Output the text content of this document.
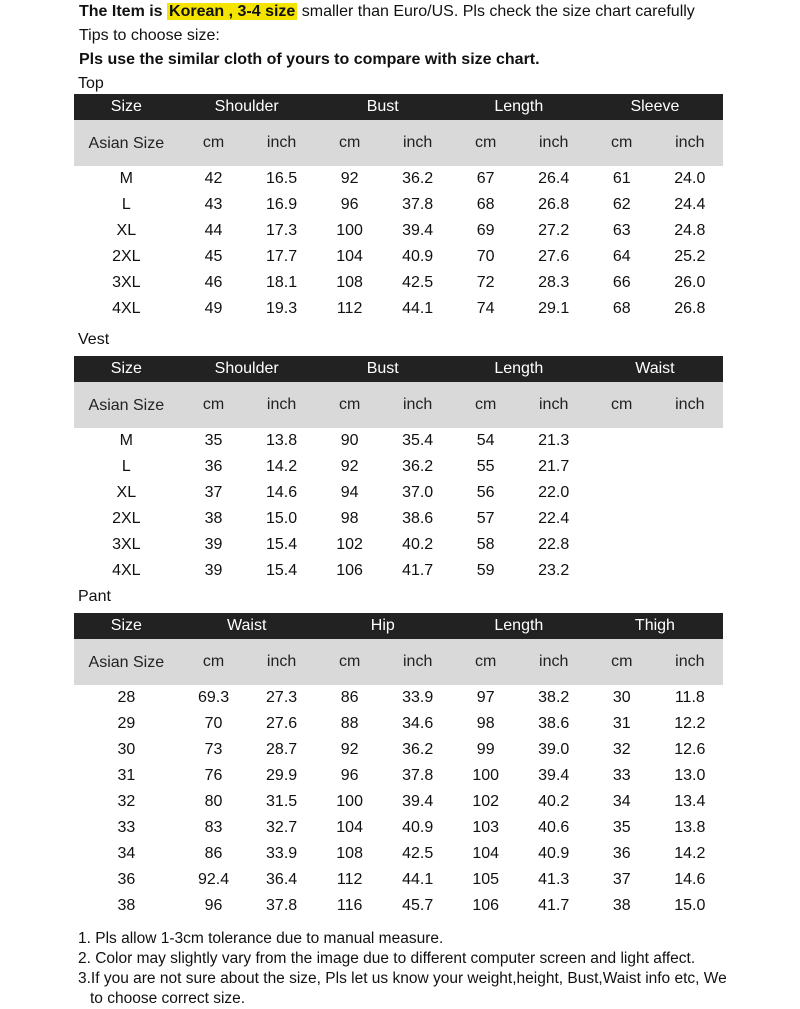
The Item is Korean , 3-4 size smaller than Euro/US. Pls check the size chart carefully
Tips to choose size:
Pls use the similar cloth of yours to compare with size chart.
Top
Vest
Pant
Size	Shoulder		Bust		Length		Sleeve	
Asian Size	cm	inch	cm	inch	cm	inch	cm	inch
M	42	16.5	92	36.2	67	26.4	61	24.0
L	43	16.9	96	37.8	68	26.8	62	24.4
XL	44	17.3	100	39.4	69	27.2	63	24.8
2XL	45	17.7	104	40.9	70	27.6	64	25.2
3XL	46	18.1	108	42.5	72	28.3	66	26.0
4XL	49	19.3	112	44.1	74	29.1	68	26.8
Size	Shoulder		Bust		Length		Waist	
Asian Size	cm	inch	cm	inch	cm	inch	cm	inch
M	35	13.8	90	35.4	54	21.3		
L	36	14.2	92	36.2	55	21.7		
XL	37	14.6	94	37.0	56	22.0		
2XL	38	15.0	98	38.6	57	22.4		
3XL	39	15.4	102	40.2	58	22.8		
4XL	39	15.4	106	41.7	59	23.2		
Size	Waist		Hip		Length		Thigh	
Asian Size	cm	inch	cm	inch	cm	inch	cm	inch
28	69.3	27.3	86	33.9	97	38.2	30	11.8
29	70	27.6	88	34.6	98	38.6	31	12.2
30	73	28.7	92	36.2	99	39.0	32	12.6
31	76	29.9	96	37.8	100	39.4	33	13.0
32	80	31.5	100	39.4	102	40.2	34	13.4
33	83	32.7	104	40.9	103	40.6	35	13.8
34	86	33.9	108	42.5	104	40.9	36	14.2
36	92.4	36.4	112	44.1	105	41.3	37	14.6
38	96	37.8	116	45.7	106	41.7	38	15.0
1. Pls allow 1-3cm tolerance due to manual measure.
2. Color may slightly vary from the image due to different computer screen and light affect.
3.If you are not sure about the size, Pls let us know your weight,height, Bust,Waist info etc, We
to choose correct size.
